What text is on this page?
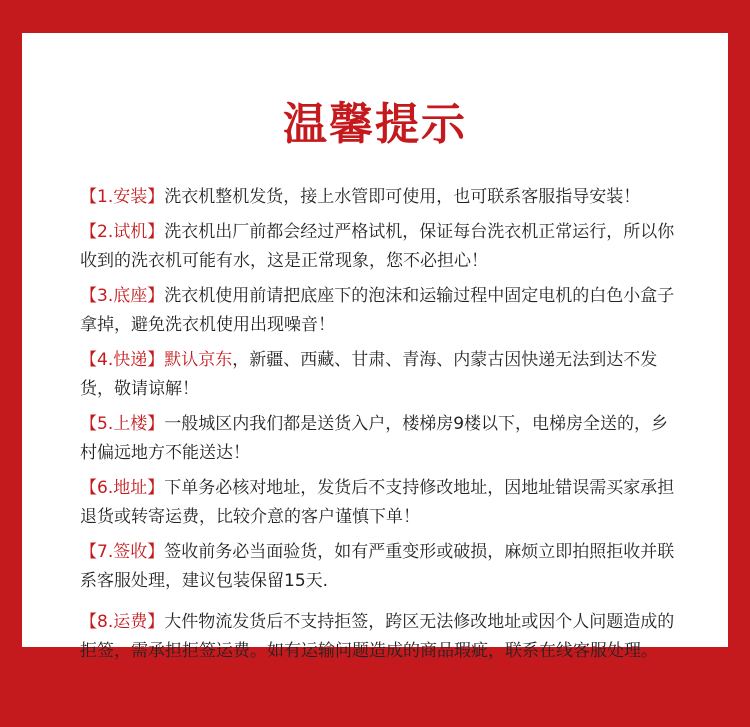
温馨提示
【1.安装】洗衣机整机发货，接上水管即可使用，也可联系客服指导安装！
【2.试机】洗衣机出厂前都会经过严格试机，保证每台洗衣机正常运行，所以你收到的洗衣机可能有水，这是正常现象，您不必担心！
【3.底座】洗衣机使用前请把底座下的泡沫和运输过程中固定电机的白色小盒子拿掉，避免洗衣机使用出现噪音！
【4.快递】默认京东，新疆、西藏、甘肃、青海、内蒙古因快递无法到达不发货，敬请谅解！
【5.上楼】一般城区内我们都是送货入户，楼梯房9楼以下，电梯房全送的，乡村偏远地方不能送达！
【6.地址】下单务必核对地址，发货后不支持修改地址，因地址错误需买家承担退货或转寄运费，比较介意的客户谨慎下单！
【7.签收】签收前务必当面验货，如有严重变形或破损，麻烦立即拍照拒收并联系客服处理，建议包装保留15天.
【8.运费】大件物流发货后不支持拒签，跨区无法修改地址或因个人问题造成的拒签，需承担拒签运费。如有运输问题造成的商品瑕疵，联系在线客服处理。
